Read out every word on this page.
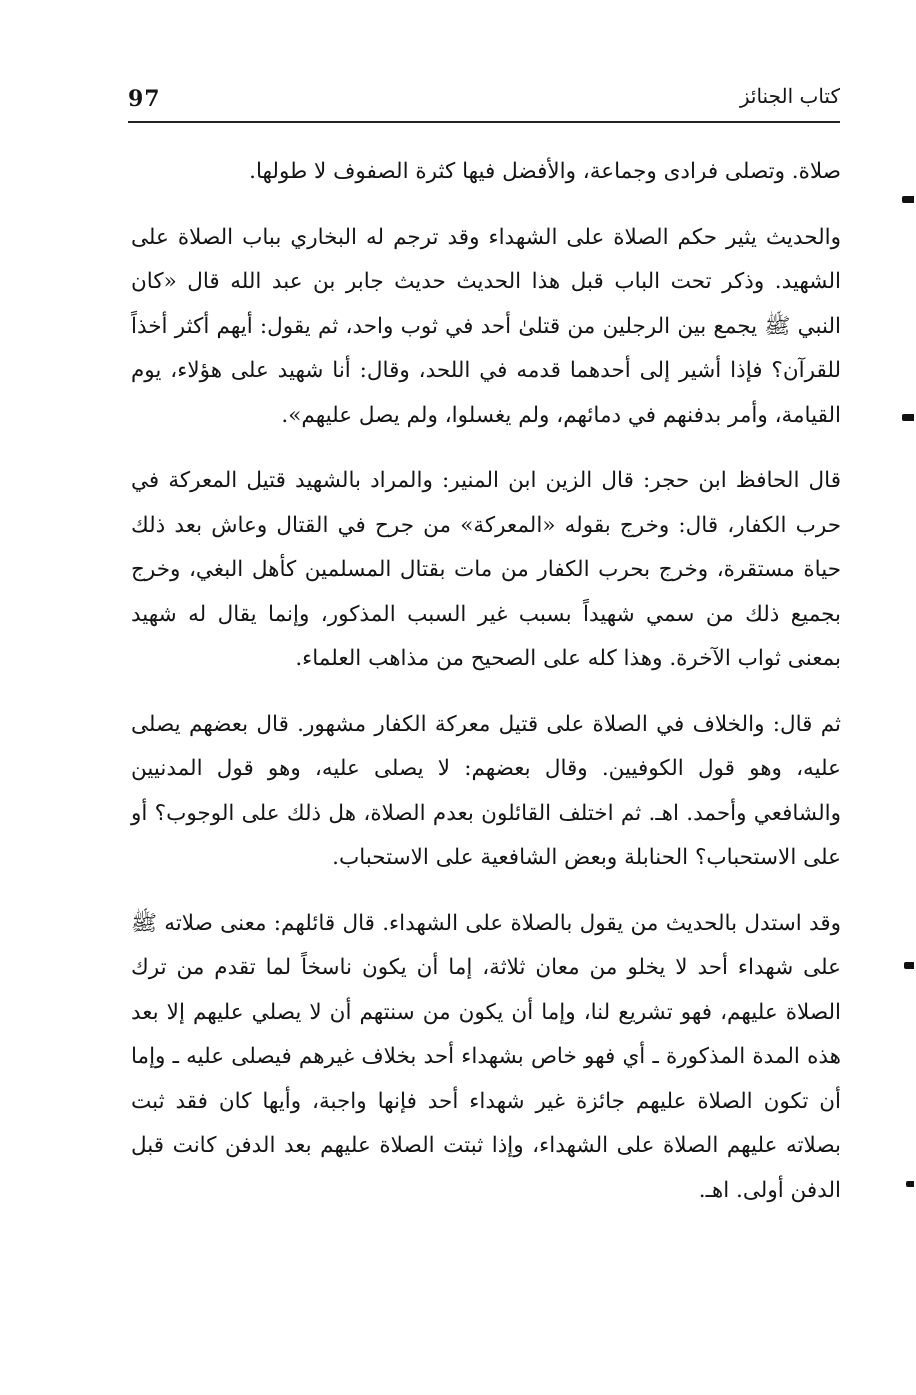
97	كتاب الجنائز

صلاة. وتصلى فرادى وجماعة، والأفضل فيها كثرة الصفوف لا طولها.

والحديث يثير حكم الصلاة على الشهداء وقد ترجم له البخاري بباب الصلاة على الشهيد. وذكر تحت الباب قبل هذا الحديث حديث جابر بن عبد الله قال «كان النبي ﷺ يجمع بين الرجلين من قتلىٰ أحد في ثوب واحد، ثم يقول: أيهم أكثر أخذاً للقرآن؟ فإذا أشير إلى أحدهما قدمه في اللحد، وقال: أنا شهيد على هؤلاء، يوم القيامة، وأمر بدفنهم في دمائهم، ولم يغسلوا، ولم يصل عليهم».

قال الحافظ ابن حجر: قال الزين ابن المنير: والمراد بالشهيد قتيل المعركة في حرب الكفار، قال: وخرج بقوله «المعركة» من جرح في القتال وعاش بعد ذلك حياة مستقرة، وخرج بحرب الكفار من مات بقتال المسلمين كأهل البغي، وخرج بجميع ذلك من سمي شهيداً بسبب غير السبب المذكور، وإنما يقال له شهيد بمعنى ثواب الآخرة. وهذا كله على الصحيح من مذاهب العلماء.

ثم قال: والخلاف في الصلاة على قتيل معركة الكفار مشهور. قال بعضهم يصلى عليه، وهو قول الكوفيين. وقال بعضهم: لا يصلى عليه، وهو قول المدنيين والشافعي وأحمد. اهـ. ثم اختلف القائلون بعدم الصلاة، هل ذلك على الوجوب؟ أو على الاستحباب؟ الحنابلة وبعض الشافعية على الاستحباب.

وقد استدل بالحديث من يقول بالصلاة على الشهداء. قال قائلهم: معنى صلاته ﷺ على شهداء أحد لا يخلو من معان ثلاثة، إما أن يكون ناسخاً لما تقدم من ترك الصلاة عليهم، فهو تشريع لنا، وإما أن يكون من سنتهم أن لا يصلي عليهم إلا بعد هذه المدة المذكورة ـ أي فهو خاص بشهداء أحد بخلاف غيرهم فيصلى عليه ـ وإما أن تكون الصلاة عليهم جائزة غير شهداء أحد فإنها واجبة، وأيها كان فقد ثبت بصلاته عليهم الصلاة على الشهداء، وإذا ثبتت الصلاة عليهم بعد الدفن كانت قبل الدفن أولى. اهـ.
